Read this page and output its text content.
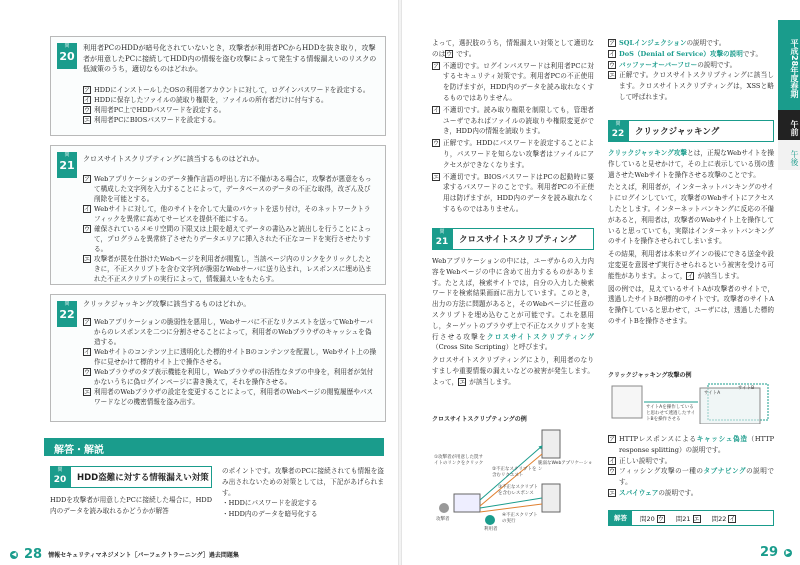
問
20
利用者PCのHDDが暗号化されていないとき，攻撃者が利用者PCからHDDを抜き取り，攻撃者が用意したPCに接続してHDD内の情報を盗む攻撃によって発生する情報漏えいのリスクの低減策のうち，適切なものはどれか。
ア HDDにインストールしたOSの利用者アカウントに対して，ログインパスワードを設定する。
イ HDDに保存したファイルの読取り権限を，ファイルの所有者だけに付与する。
ウ 利用者PC上でHDDパスワードを設定する。
エ 利用者PCにBIOSパスワードを設定する。
問
21	クロスサイトスクリプティングに該当するものはどれか。
ア Webアプリケーションのデータ操作言語の呼出し方に不備がある場合に，攻撃者が悪意をもって構成した文字列を入力することによって，データベースのデータの不正な取得，改ざん及び削除を可能とする。
イ Webサイトに対して，他のサイトを介して大量のパケットを送り付け，そのネットワークトラフィックを異常に高めてサービスを提供不能にする。
ウ 確保されているメモリ空間の下限又は上限を超えてデータの書込みと読出しを行うことによって，プログラムを異常終了させたりデータエリアに挿入された不正なコードを実行させたりする。
エ 攻撃者が罠を仕掛けたWebページを利用者が閲覧し，当該ページ内のリンクをクリックしたときに，不正スクリプトを含む文字列が脆弱なWebサーバに送り込まれ，レスポンスに埋め込まれた不正スクリプトの実行によって，情報漏えいをもたらす。
問
22
クリックジャッキング攻撃に該当するものはどれか。
ア Webアプリケーションの脆弱性を悪用し，Webサーバに不正なリクエストを送ってWebサーバからのレスポンスを二つに分割させることによって，利用者のWebブラウザのキャッシュを偽造する。
イ Webサイトのコンテンツ上に透明化した標的サイトBのコンテンツを配置し，Webサイト上の操作に見せかけて標的サイト上で操作させる。
ウ Webブラウザのタブ表示機能を利用し，Webブラウザの非活性なタブの中身を，利用者が気付かないうちに偽ログインページに書き換えて，それを操作させる。
エ 利用者のWebブラウザの設定を変更することによって，利用者のWebページの閲覧履歴やパスワードなどの機密情報を盗み出す。
解答・解説
問
20	HDD盗難に対する情報漏えい対策
HDDを攻撃者が用意したPCに接続した場合に，HDD内のデータを読み取れるかどうかが解答
のポイントです。攻撃者のPCに接続されても情報を盗み出されないための対策としては，下記があげられます。
・HDDにパスワードを設定する
・HDD内のデータを暗号化する
◀ 28 情報セキュリティマネジメント［パーフェクトラーニング］過去問題集
よって，選択肢のうち，情報漏えい対策として適切なのはウ です。
ア 不適切です。ログインパスワードは利用者PCに対するセキュリティ対策です。利用者PCの不正使用を防げますが，HDD内のデータを読み取れなくするものではありません。
イ 不適切です。読み取り権限を制限しても，管理者ユーザであればファイルの読取りや権限変更ができ，HDD内の情報を読取ります。
ウ 正解です。HDDにパスワードを設定することにより，パスワードを知らない攻撃者はファイルにアクセスができなくなります。
エ 不適切です。BIOSパスワードはPCの起動時に要求するパスワードのことです。利用者PCの不正使用は防げますが，HDD内のデータを読み取れなくするものではありません。
問
21	クロスサイトスクリプティング
Webアプリケーションの中には，ユーザからの入力内容をWebページの中に含めて出力するものがあります。たとえば，検索サイトでは，自分の入力した検索ワードを検索結果画面に出力しています。このとき，出力の方法に問題があると，そのWebページに任意のスクリプトを埋め込むことが可能です。これを悪用し，ターゲットのブラウザ上で不正なスクリプトを実行させる攻撃をクロスサイトスクリプティング（Cross Site Scripting）と呼びます。
クロスサイトスクリプティングにより，利用者のなりすましや重要情報の漏えいなどの被害が発生します。よって，エ が該当します。
クロスサイトスクリプティングの例
脆弱なWebアプリケーション
①攻撃者が用意した罠サイトのリンクをクリック
②不正なスクリプトを含むリクエスト
③不正なスクリプトを含むレスポンス
④不正スクリプトの実行
攻撃者
利用者
ア SQLインジェクションの説明です。
イ DoS（Denial of Service）攻撃の説明です。
ウ バッファーオーバーフローの説明です。
エ 正解です。クロスサイトスクリプティングに該当します。クロスサイトスクリプティングは，XSSと略して呼ばれます。
問
22	クリックジャッキング
クリックジャッキング攻撃とは，正規なWebサイトを操作していると見せかけて，その上に表示している別の透過させたWebサイトを操作させる攻撃のことです。
たとえば，利用者が，インターネットバンキングのサイトにログインしていて，攻撃者のWebサイトにアクセスしたとします。インターネットバンキングに反応の不備があると，利用者は，攻撃者のWebサイト上を操作していると思っていても，実際はインターネットバンキングのサイトを操作させられてしまいます。
その結果，利用者は本来ログインの後にできる送金や設定変更を意図せず実行させられるという被害を受ける可能性があります。よって，イ が該当します。
図の例では，見えているサイトAが攻撃者のサイトで，透過したサイトBが標的のサイトです。攻撃者のサイトAを操作していると思わせて，ユーザには，透過した標的のサイトBを操作させます。
クリックジャッキング攻撃の例
サイトAを操作していると思わせて透過したサイトBを操作させる
サイトA
サイトB
ア HTTPレスポンスによるキャッシュ偽造（HTTP response splitting）の説明です。
イ 正しい説明です。
ウ フィッシング攻撃の一種のタブナビングの説明です。
エ スパイウェアの説明です。
解答	問20 ウ	問21 エ	問22 イ
平成28年度春期
午前
午後
29 ▶
